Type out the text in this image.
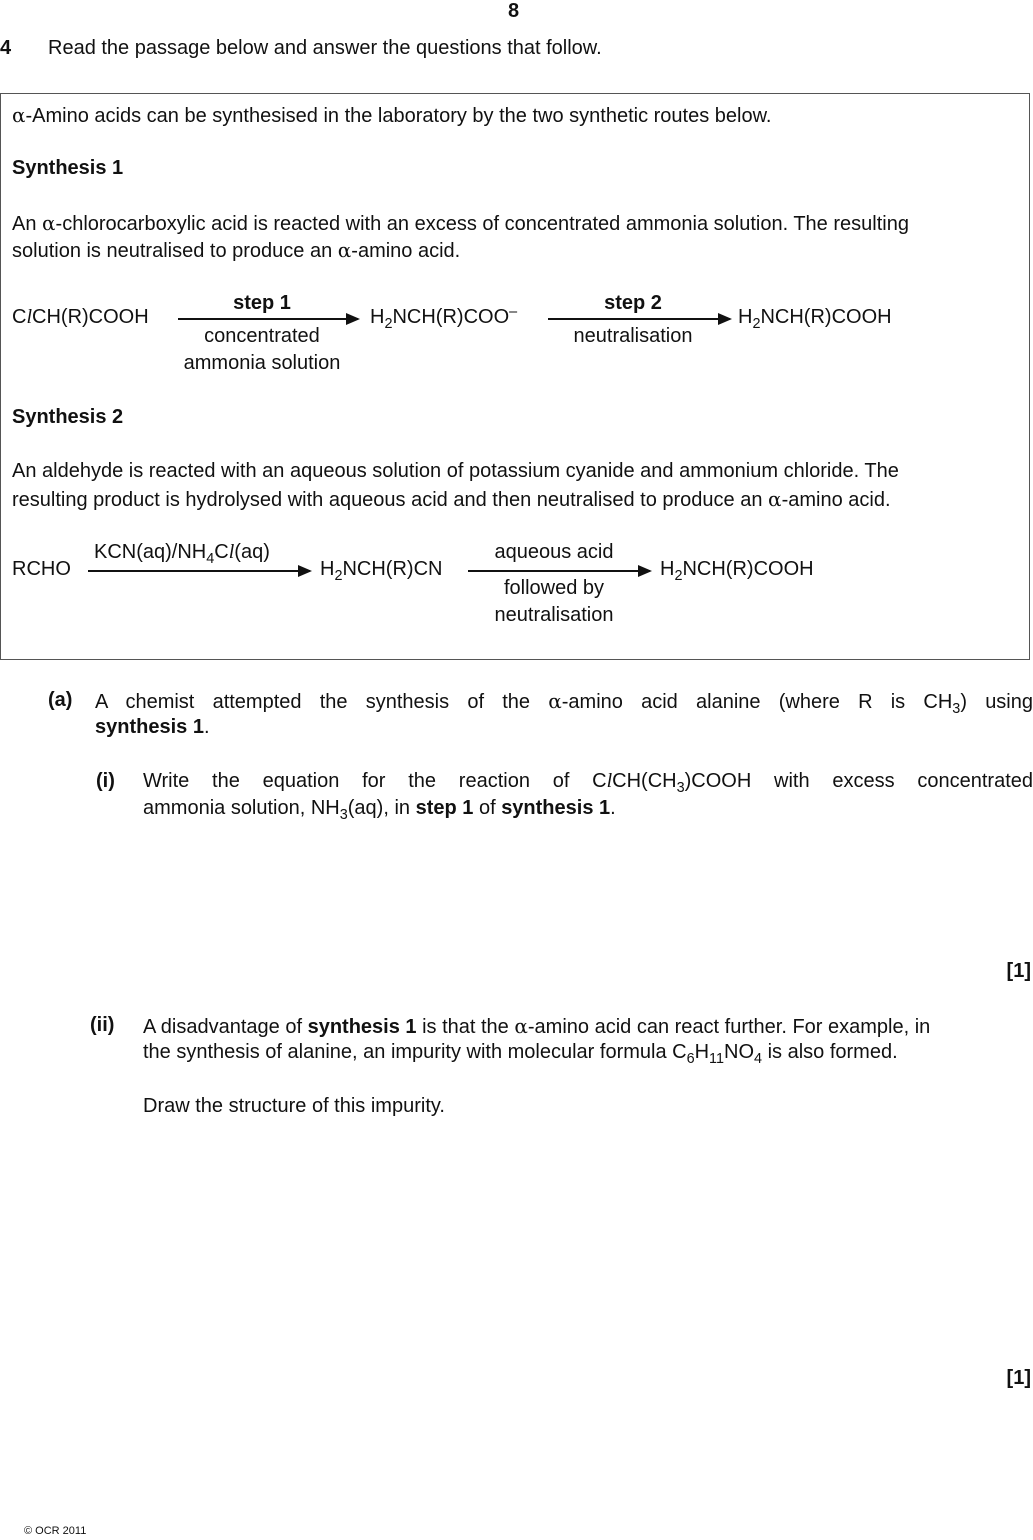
8
4 Read the passage below and answer the questions that follow.
α-Amino acids can be synthesised in the laboratory by the two synthetic routes below.
Synthesis 1
An α-chlorocarboxylic acid is reacted with an excess of concentrated ammonia solution. The resulting
solution is neutralised to produce an α-amino acid.
ClCH(R)COOH
step 1
concentrated
ammonia solution
$H_2NCH(R)COO^-$	step 2
neutralisation
$H_2NCH(R)COOH$
Synthesis 2
An aldehyde is reacted with an aqueous solution of potassium cyanide and ammonium chloride. The
resulting product is hydrolysed with aqueous acid and then neutralised to produce an α-amino acid.
RCHO
$KCN(aq)/NH_4Cl(aq)$
$H_2NCH(R)CN$
aqueous acid
followed by
neutralisation
$H_2NCH(R)COOH$
(a) A chemist attempted the synthesis of the α-amino acid alanine (where R is $CH_3$) using
synthesis 1.
(i) Write the equation for the reaction of $ClCH(CH_3)COOH$ with excess concentrated
ammonia solution, $NH_3(aq)$, in step 1 of synthesis 1.
[1]
(ii) A disadvantage of synthesis 1 is that the α-amino acid can react further. For example, in
the synthesis of alanine, an impurity with molecular formula $C_6H_{11}NO_4$ is also formed.
Draw the structure of this impurity.
[1]
© OCR 2011
